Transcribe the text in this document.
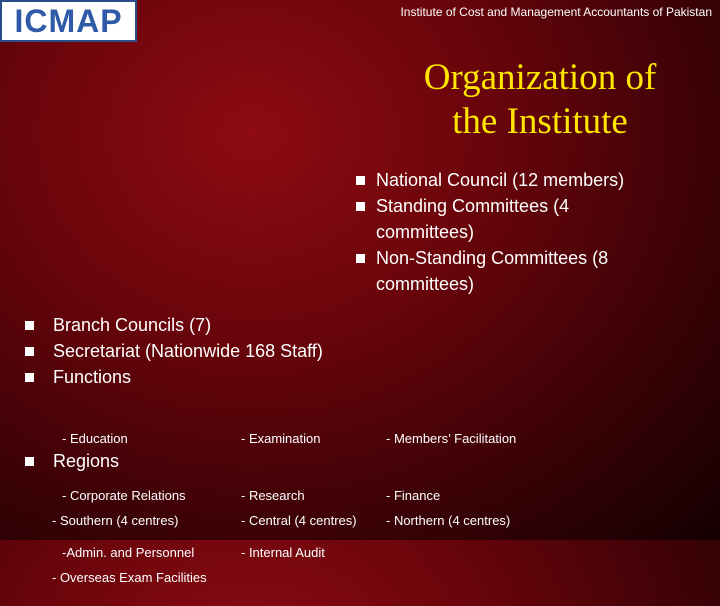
ICMAP	Institute of Cost and Management Accountants of Pakistan
Organization of
the Institute
National Council (12 members)
Standing Committees (4
committees)
Non-Standing Committees (8
committees)
Branch Councils (7)
Secretariat (Nationwide 168 Staff)
Functions

- Education

- Corporate Relations

-Admin. and Personnel

- Examination

- Research

- Internal Audit

- Members’ Facilitation

- Finance

Regions

- Southern (4 centres)

- Overseas Exam Facilities

- Central (4 centres)

- Northern (4 centres)
